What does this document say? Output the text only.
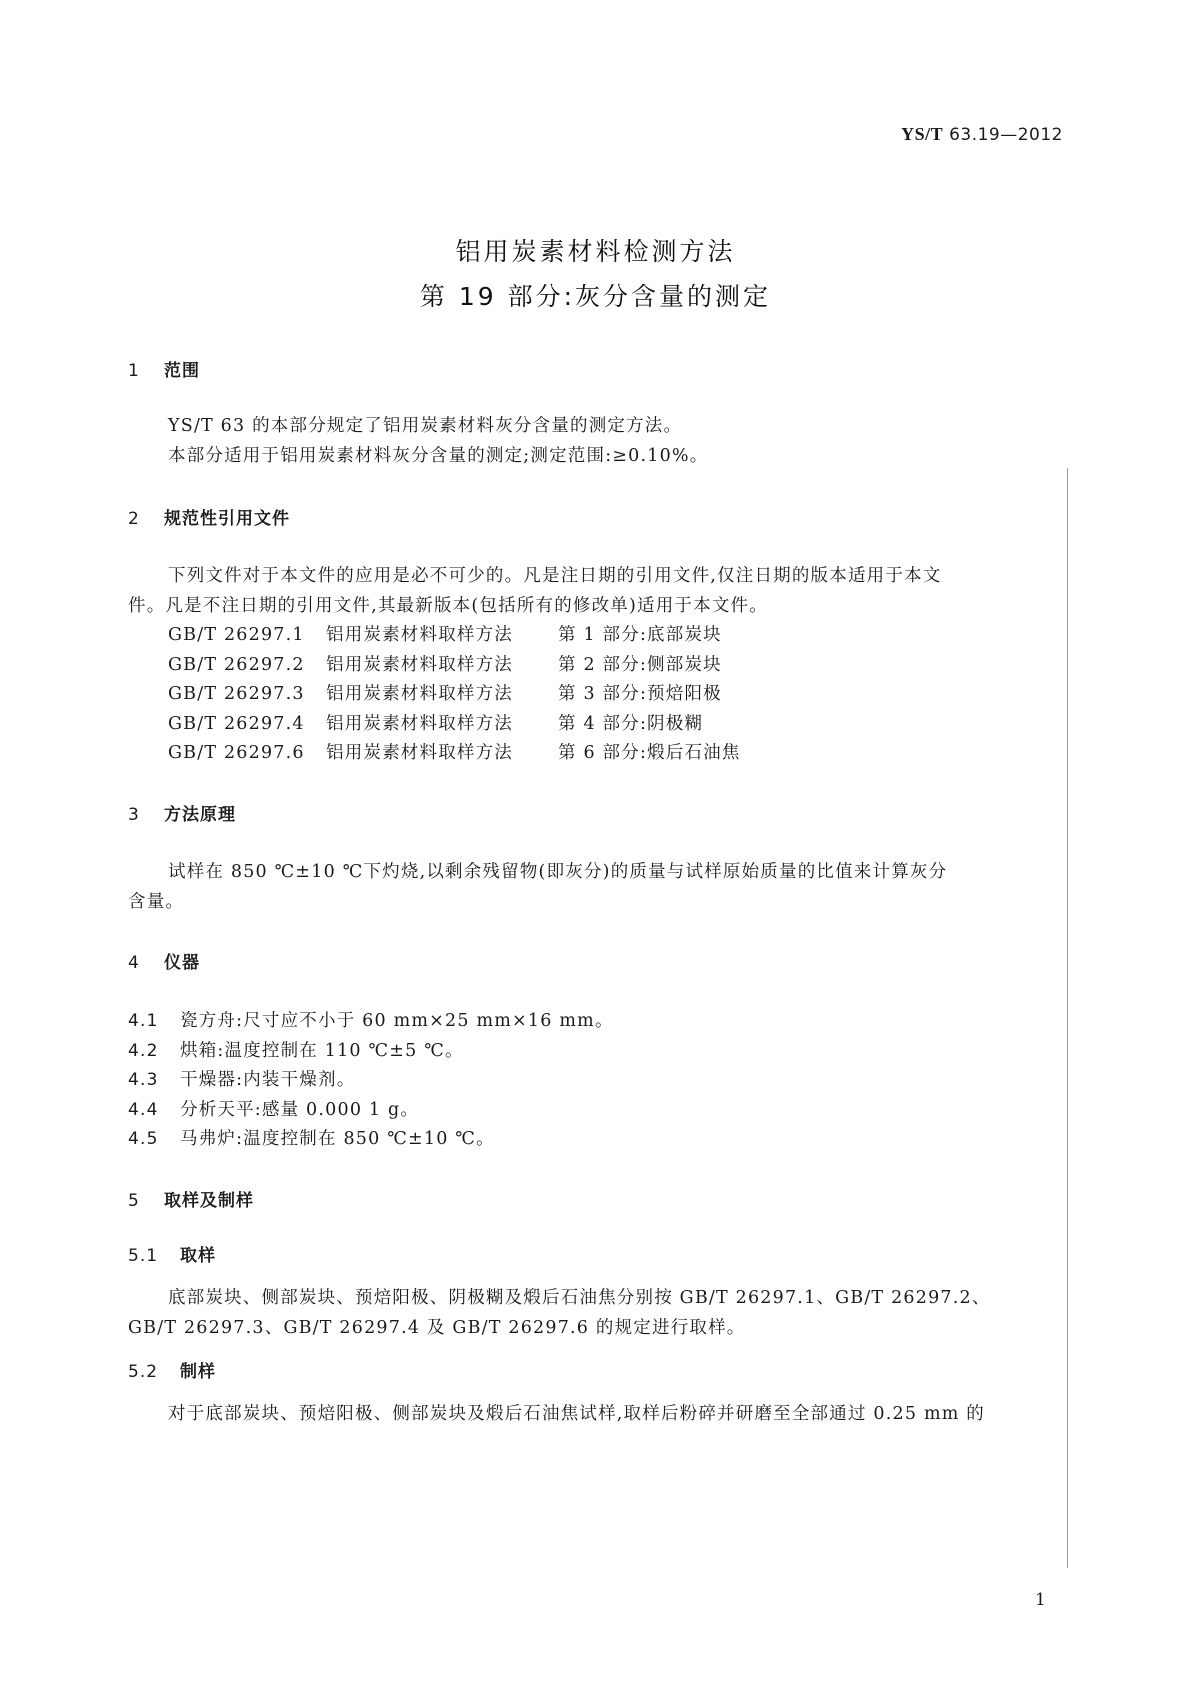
YS/T 63.19—2012
铝用炭素材料检测方法
第 19 部分:灰分含量的测定
1 范围
YS/T 63 的本部分规定了铝用炭素材料灰分含量的测定方法。
本部分适用于铝用炭素材料灰分含量的测定;测定范围:≥0.10%。
2 规范性引用文件
下列文件对于本文件的应用是必不可少的。凡是注日期的引用文件,仅注日期的版本适用于本文
件。凡是不注日期的引用文件,其最新版本(包括所有的修改单)适用于本文件。
GB/T 26297.1 铝用炭素材料取样方法	第 1 部分:底部炭块
GB/T 26297.2 铝用炭素材料取样方法	第 2 部分:侧部炭块
GB/T 26297.3 铝用炭素材料取样方法	第 3 部分:预焙阳极
GB/T 26297.4 铝用炭素材料取样方法	第 4 部分:阴极糊
GB/T 26297.6 铝用炭素材料取样方法	第 6 部分:煅后石油焦
3 方法原理
试样在 850 ℃±10 ℃下灼烧,以剩余残留物(即灰分)的质量与试样原始质量的比值来计算灰分
含量。
4 仪器
4.1 瓷方舟:尺寸应不小于 60 mm×25 mm×16 mm。
4.2 烘箱:温度控制在 110 ℃±5 ℃。
4.3 干燥器:内装干燥剂。
4.4 分析天平:感量 0.000 1 g。
4.5 马弗炉:温度控制在 850 ℃±10 ℃。
5 取样及制样
5.1 取样
底部炭块、侧部炭块、预焙阳极、阴极糊及煅后石油焦分别按 GB/T 26297.1、GB/T 26297.2、
GB/T 26297.3、GB/T 26297.4 及 GB/T 26297.6 的规定进行取样。
5.2 制样
对于底部炭块、预焙阳极、侧部炭块及煅后石油焦试样,取样后粉碎并研磨至全部通过 0.25 mm 的
1
